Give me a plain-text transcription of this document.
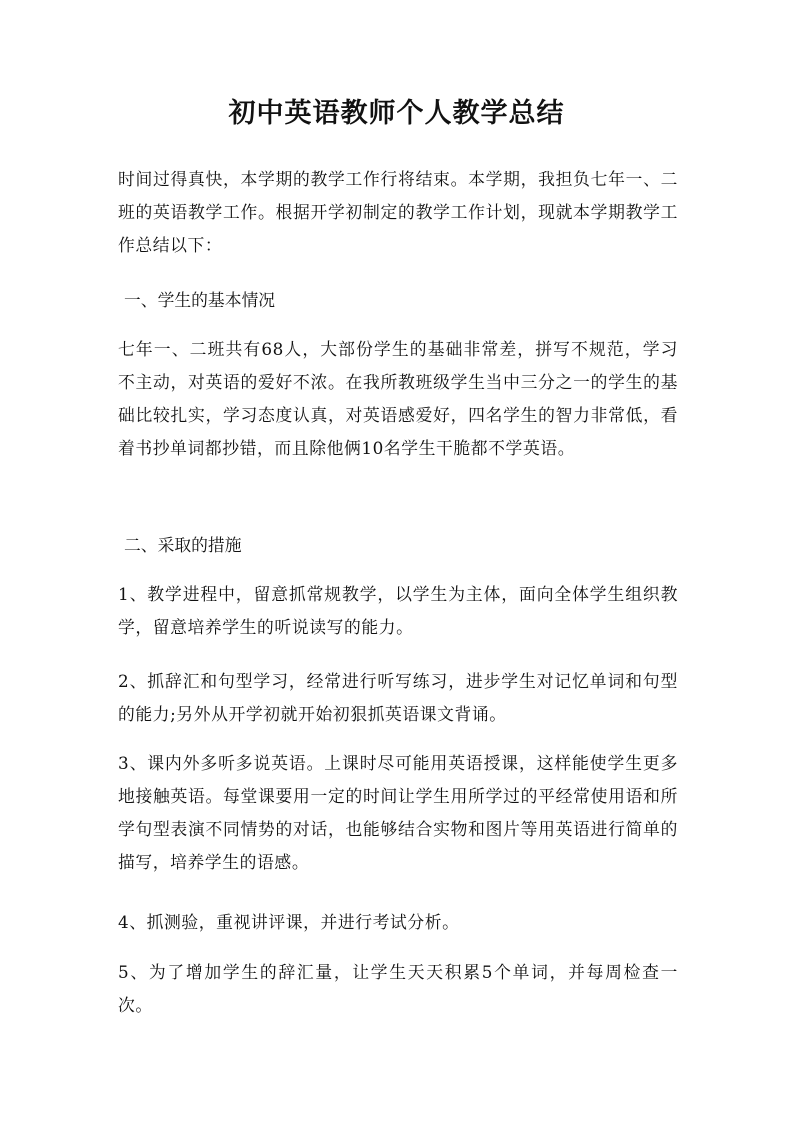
初中英语教师个人教学总结
时间过得真快，本学期的教学工作行将结束。本学期，我担负七年一、二班的英语教学工作。根据开学初制定的教学工作计划，现就本学期教学工作总结以下：
一、学生的基本情况
七年一、二班共有68人，大部份学生的基础非常差，拼写不规范，学习不主动，对英语的爱好不浓。在我所教班级学生当中三分之一的学生的基础比较扎实，学习态度认真，对英语感爱好，四名学生的智力非常低，看着书抄单词都抄错，而且除他俩10名学生干脆都不学英语。
二、采取的措施
1、教学进程中，留意抓常规教学，以学生为主体，面向全体学生组织教学，留意培养学生的听说读写的能力。
2、抓辞汇和句型学习，经常进行听写练习，进步学生对记忆单词和句型的能力;另外从开学初就开始初狠抓英语课文背诵。
3、课内外多听多说英语。上课时尽可能用英语授课，这样能使学生更多地接触英语。每堂课要用一定的时间让学生用所学过的平经常使用语和所学句型表演不同情势的对话，也能够结合实物和图片等用英语进行简单的描写，培养学生的语感。
4、抓测验，重视讲评课，并进行考试分析。
5、为了增加学生的辞汇量，让学生天天积累5个单词，并每周检查一次。
